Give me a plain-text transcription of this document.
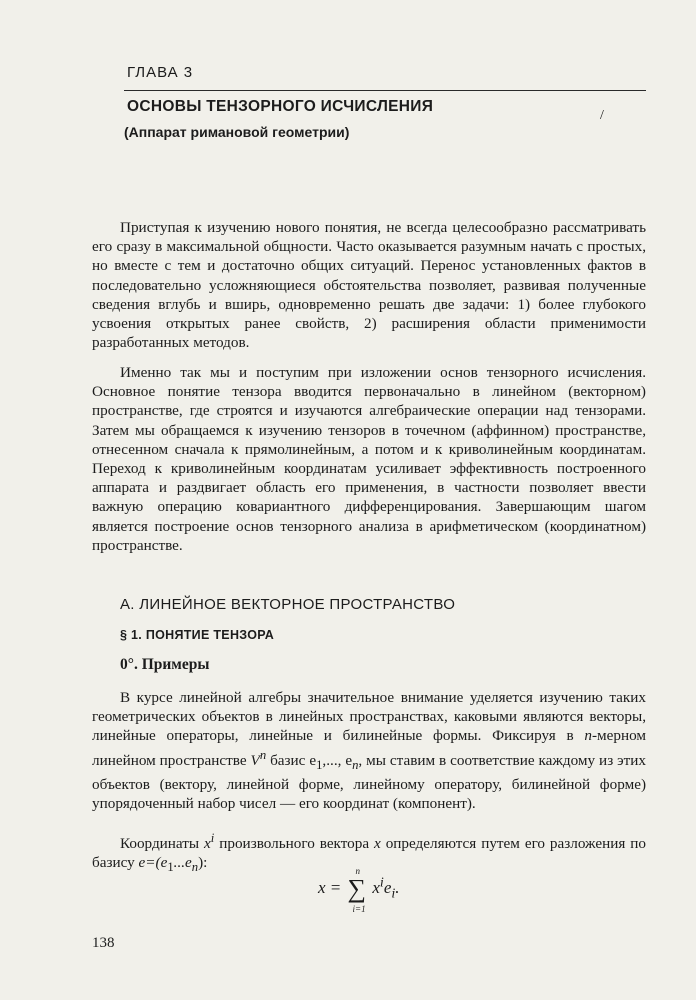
ГЛАВА 3
ОСНОВЫ ТЕНЗОРНОГО ИСЧИСЛЕНИЯ
(Аппарат римановой геометрии)
/

Приступая к изучению нового понятия, не всегда целесообразно рассматривать его сразу в максимальной общности. Часто оказывается разумным начать с простых, но вместе с тем и достаточно общих ситуаций. Перенос установленных фактов в последовательно усложняющиеся обстоятельства позволяет, развивая полученные сведения вглубь и вширь, одновременно решать две задачи: 1) более глубокого усвоения открытых ранее свойств, 2) расширения области применимости разработанных методов.

Именно так мы и поступим при изложении основ тензорного исчисления. Основное понятие тензора вводится первоначально в линейном (векторном) пространстве, где строятся и изучаются алгебраические операции над тензорами. Затем мы обращаемся к изучению тензоров в точечном (аффинном) пространстве, отнесенном сначала к прямолинейным, а потом и к криволинейным координатам. Переход к криволинейным координатам усиливает эффективность построенного аппарата и раздвигает область его применения, в частности позволяет ввести важную операцию ковариантного дифференцирования. Завершающим шагом является построение основ тензорного анализа в арифметическом (координатном) пространстве.

А. ЛИНЕЙНОЕ ВЕКТОРНОЕ ПРОСТРАНСТВО
§ 1. ПОНЯТИЕ ТЕНЗОРА
0°. Примеры

В курсе линейной алгебры значительное внимание уделяется изучению таких геометрических объектов в линейных пространствах, каковыми являются векторы, линейные операторы, линейные и билинейные формы. Фиксируя в n-мерном линейном пространстве $V^n$ базис $e_1$,..., $e_n$, мы ставим в соответствие каждому из этих объектов (вектору, линейной форме, линейному оператору, билинейной форме) упорядоченный набор чисел — его координат (компонент).

Координаты $x^i$ произвольного вектора x определяются путем его разложения по базису $e=(e_1...e_n)$:

x =
n
∑
i=1
$x^ie_i$.
138
